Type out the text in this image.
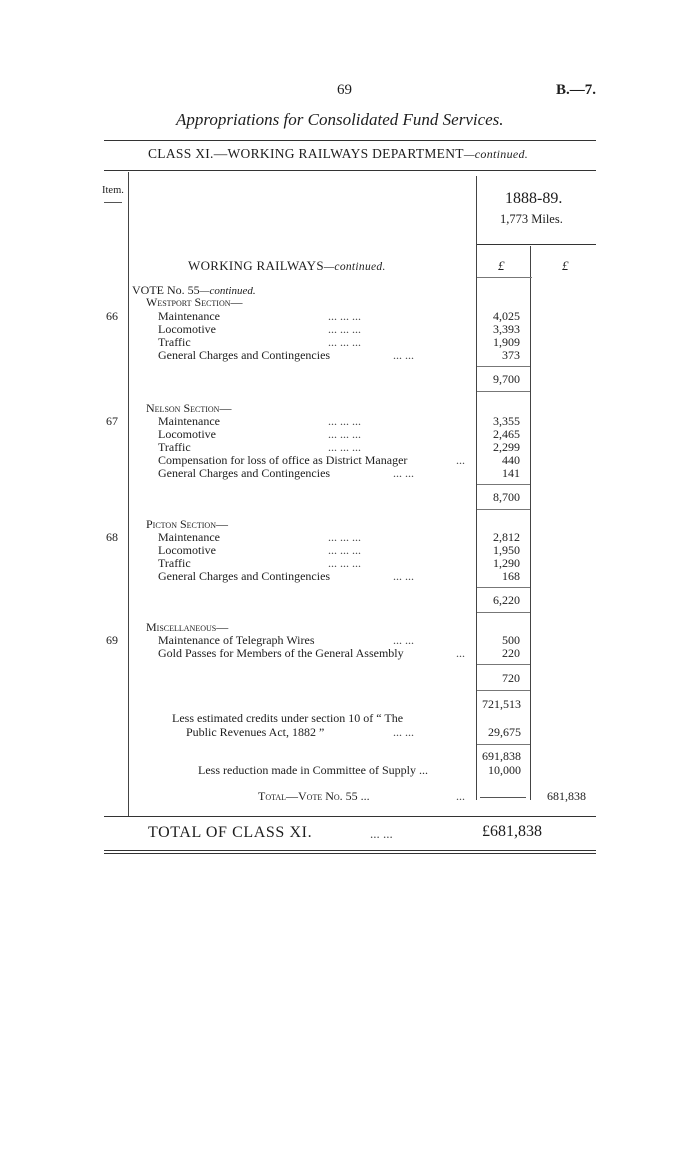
69	B.—7.
Appropriations for Consolidated Fund Services.
CLASS XI.—WORKING RAILWAYS DEPARTMENT—continued.
Item.	1888-89.
1,773 Miles.
WORKING RAILWAYS—continued.	£	£
VOTE No. 55—continued.
Westport Section—
66	Maintenance	... ... ...	4,025
Locomotive	... ... ...	3,393
Traffic	... ... ...	1,909
General Charges and Contingencies	... ...	373
9,700
Nelson Section—
67	Maintenance	... ... ...	3,355
Locomotive	... ... ...	2,465
Traffic	... ... ...	2,299
Compensation for loss of office as District Manager	...	440
General Charges and Contingencies	... ...	141
8,700
Picton Section—
68	Maintenance	... ... ...	2,812
Locomotive	... ... ...	1,950
Traffic	... ... ...	1,290
General Charges and Contingencies	... ...	168
6,220
Miscellaneous—
69	Maintenance of Telegraph Wires	... ...	500
Gold Passes for Members of the General Assembly	...	220
720
721,513
Less estimated credits under section 10 of “ The
Public Revenues Act, 1882 ”	... ...	29,675
691,838
Less reduction made in Committee of Supply ...	10,000
Total—Vote No. 55 ...	...	681,838
TOTAL OF CLASS XI.	... ...	£681,838
